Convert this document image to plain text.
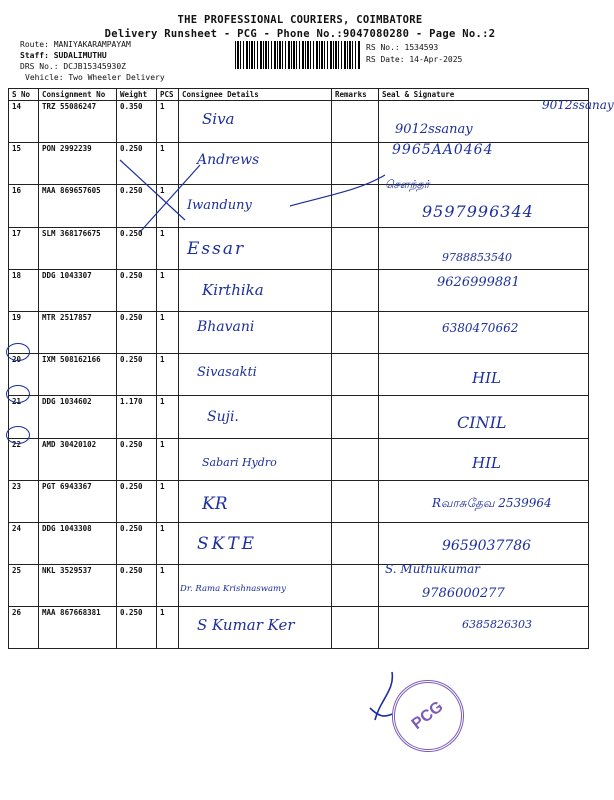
THE PROFESSIONAL COURIERS, COIMBATORE
Delivery Runsheet - PCG - Phone No.:9047080280 - Page No.:2
Route: MANIYAKARAMPAYAM
Staff: SUDALIMUTHU
DRS No.: DCJB15345930Z
Vehicle: Two Wheeler Delivery
RS No.: 1534593
RS Date: 14-Apr-2025
S No	Consignment No	Weight	PCS	Consignee Details	Remarks	Seal & Signature
14	TRZ 55086247	0.350	1	Siva		9012ssanay
15	PON 2992239	0.250	1	Andrews		9965AA0464
16	MAA 869657605	0.250	1	Iwanduny		9597996344
17	SLM 368176675	0.250	1	Essar		9788853540
18	DDG 1043307	0.250	1	Kirthika		9626999881
19	MTR 2517857	0.250	1	Bhavani		6380470662
20	IXM 508162166	0.250	1	Sivasakti		HIL
21	DDG 1034602	1.170	1	Suji.		CINIL
22	AMD 30420102	0.250	1	Sabari Hydro		HIL
23	PGT 6943367	0.250	1	KR		Rவாசுதேவ 2539964
24	DDG 1043308	0.250	1	SKTE		9659037786
25	NKL 3529537	0.250	1	Dr. Rama Krishnaswamy		9786000277
26	MAA 867668381	0.250	1	S Kumar Ker		6385826303
9012ssanay
சௌந்தர்
S. Muthukumar
PCG
